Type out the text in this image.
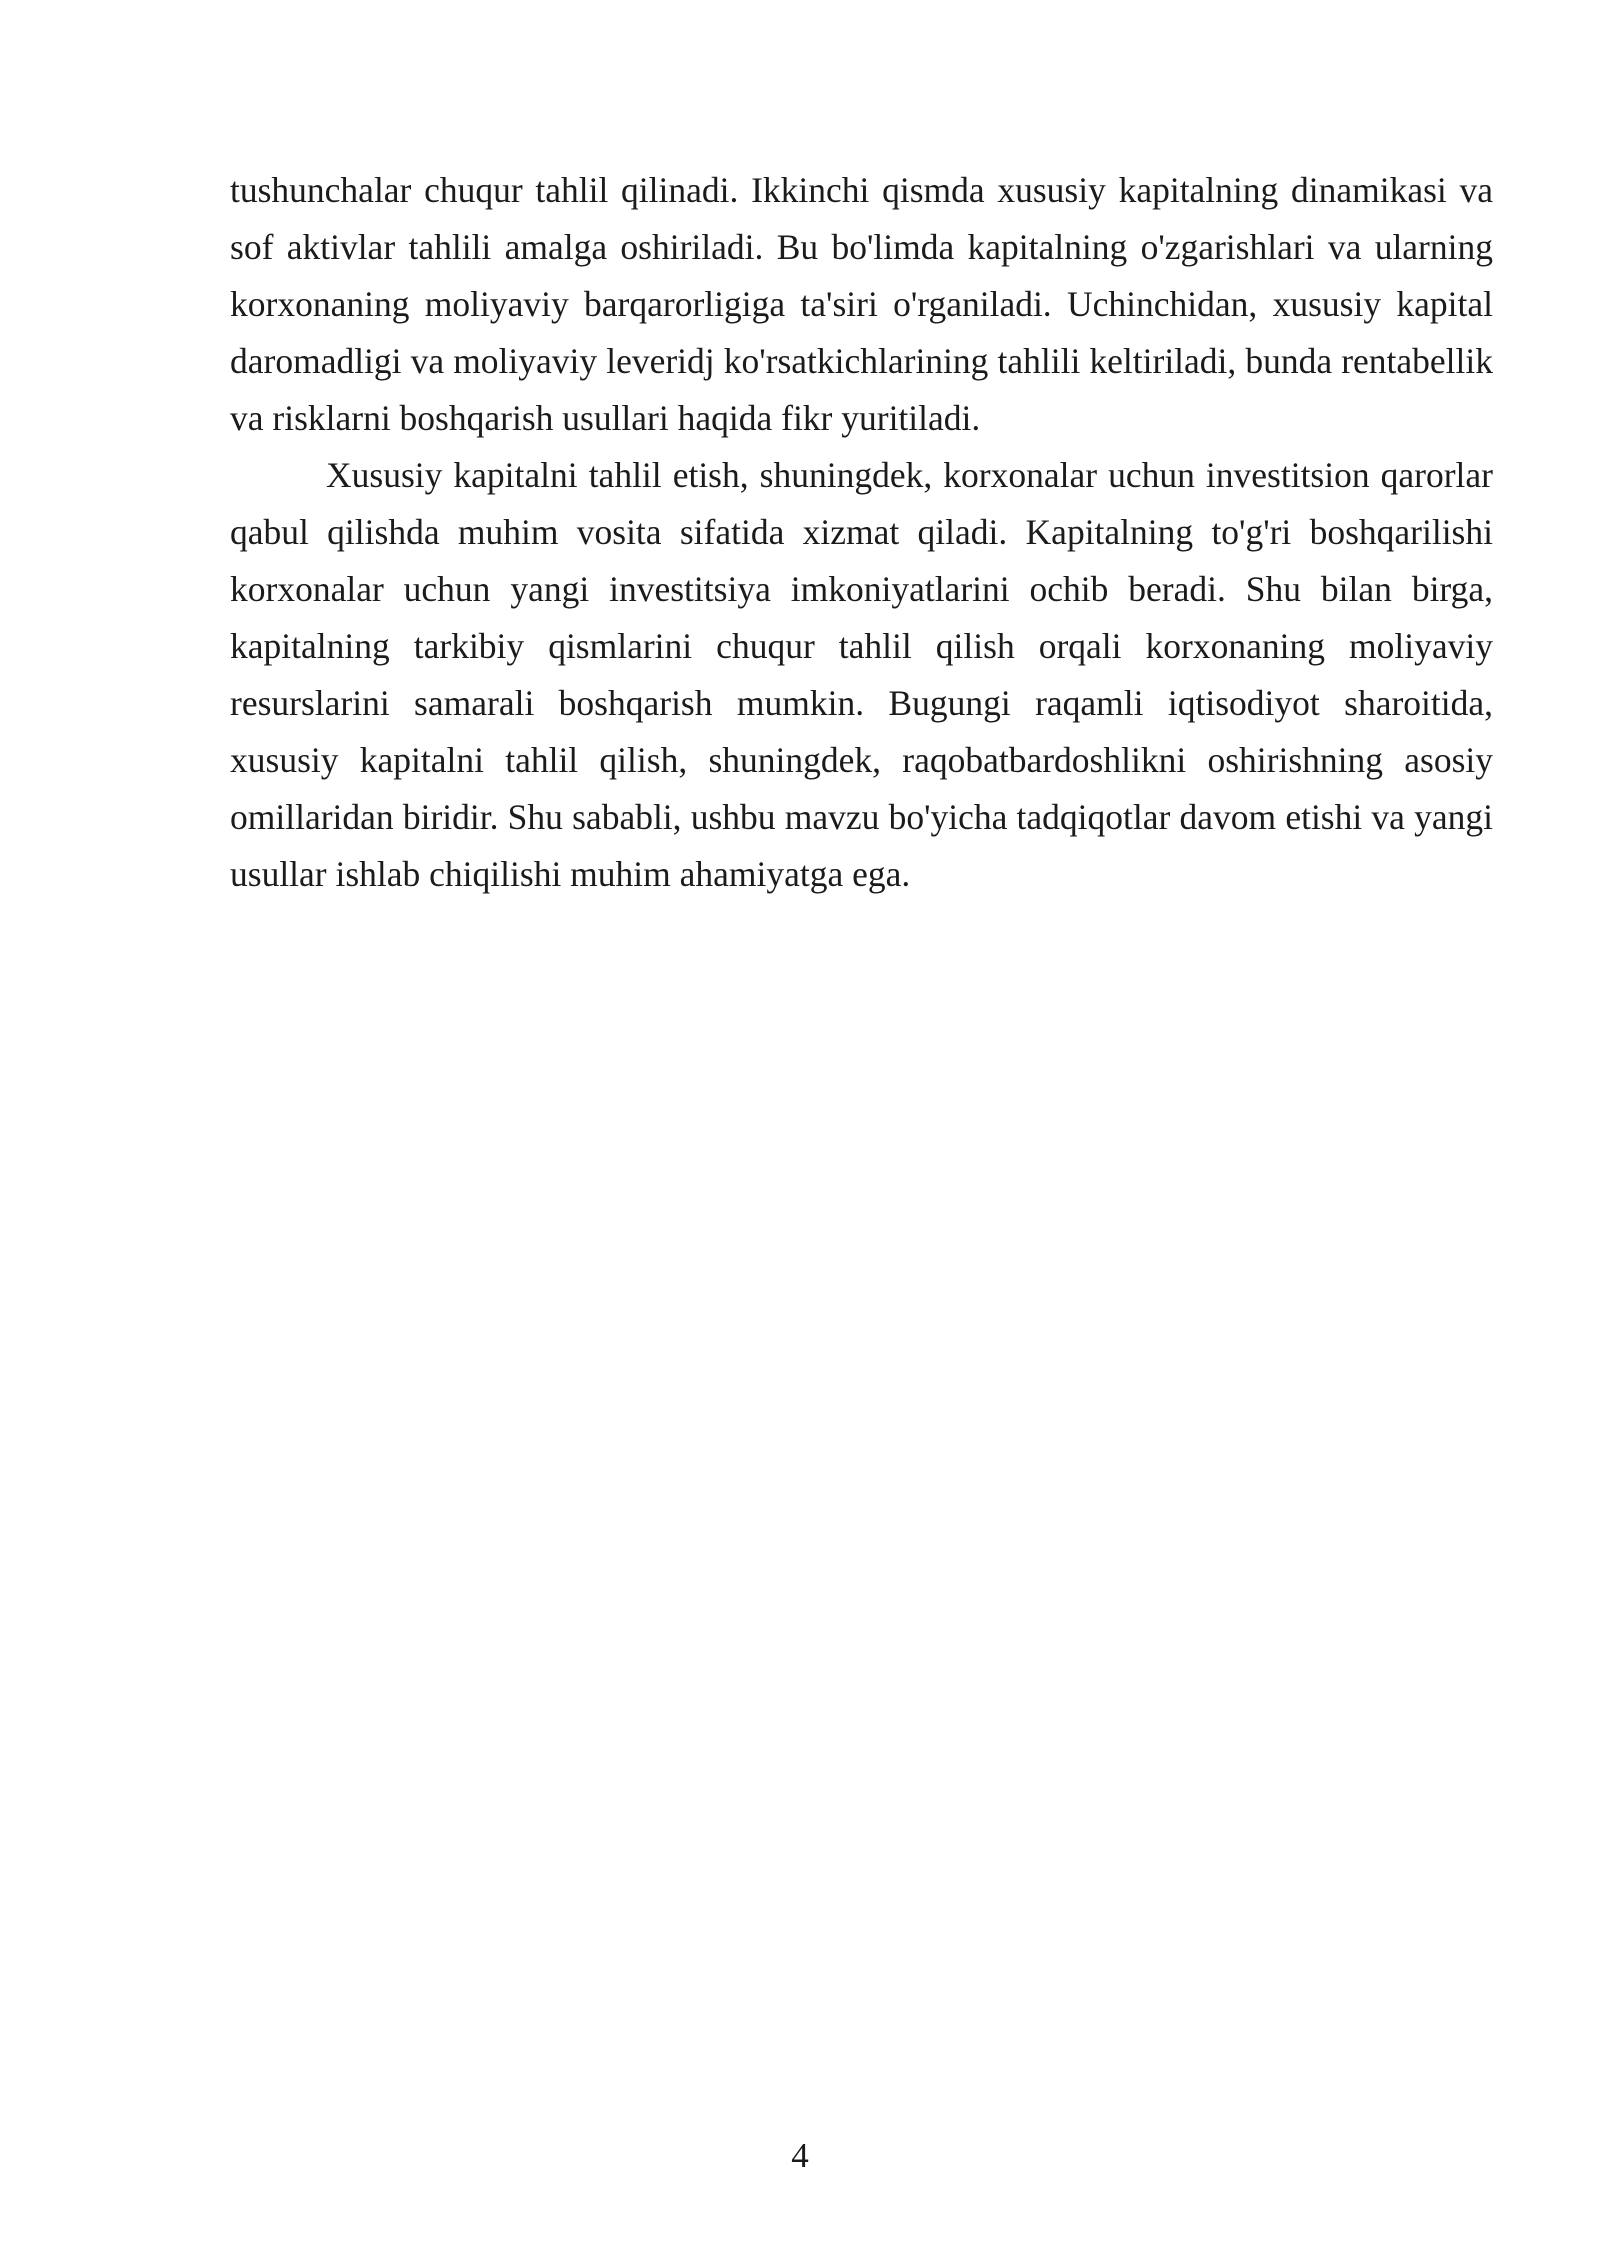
tushunchalar chuqur tahlil qilinadi. Ikkinchi qismda xususiy kapitalning dinamikasi va sof aktivlar tahlili amalga oshiriladi. Bu bo'limda kapitalning o'zgarishlari va ularning korxonaning moliyaviy barqarorligiga ta'siri o'rganiladi. Uchinchidan, xususiy kapital daromadligi va moliyaviy leveridj ko'rsatkichlarining tahlili keltiriladi, bunda rentabellik va risklarni boshqarish usullari haqida fikr yuritiladi.

Xususiy kapitalni tahlil etish, shuningdek, korxonalar uchun investitsion qarorlar qabul qilishda muhim vosita sifatida xizmat qiladi. Kapitalning to'g'ri boshqarilishi korxonalar uchun yangi investitsiya imkoniyatlarini ochib beradi. Shu bilan birga, kapitalning tarkibiy qismlarini chuqur tahlil qilish orqali korxonaning moliyaviy resurslarini samarali boshqarish mumkin. Bugungi raqamli iqtisodiyot sharoitida, xususiy kapitalni tahlil qilish, shuningdek, raqobatbardoshlikni oshirishning asosiy omillaridan biridir. Shu sababli, ushbu mavzu bo'yicha tadqiqotlar davom etishi va yangi usullar ishlab chiqilishi muhim ahamiyatga ega.

4
